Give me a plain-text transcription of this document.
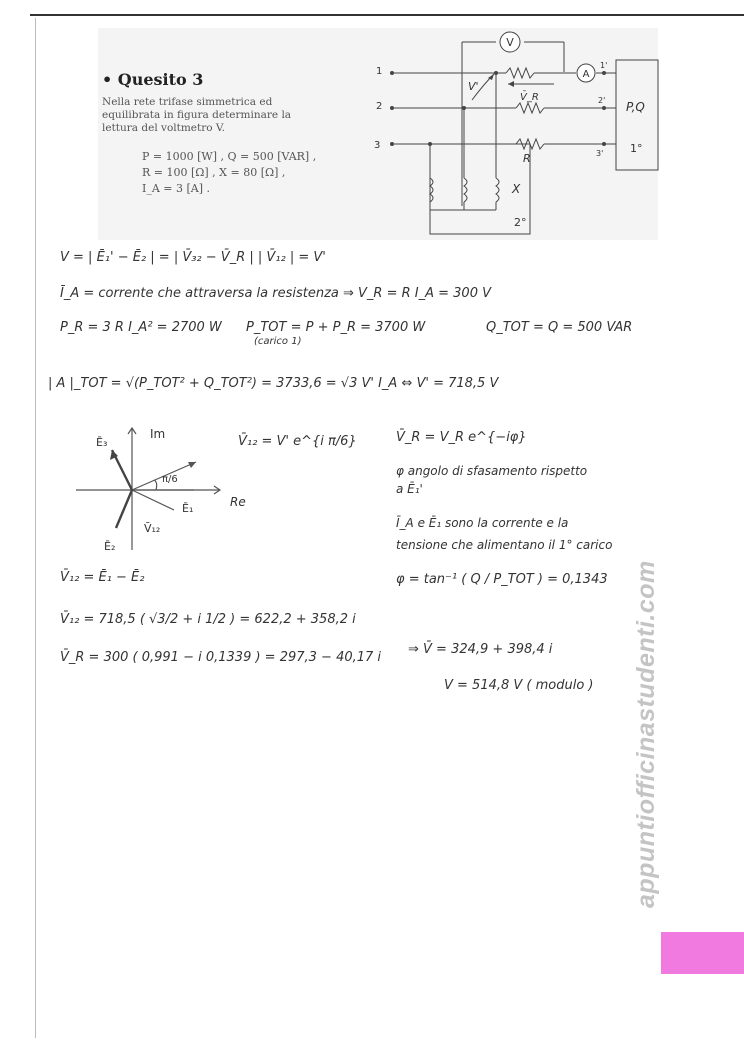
• Quesito 3
Nella rete trifase simmetrica ed equilibrata in figura determinare la lettura del voltmetro V.
P = 1000 [W] , Q = 500 [VAR] ,
R = 100 [Ω] , X = 80 [Ω] ,
I_A = 3 [A] .
V
A
1
2
3
1'
2'
3'
P,Q
1°
V'
V̄_R
R
X
2°
V = | Ē₁' − Ē₂ | = | V̄₃₂ − V̄_R | | V̄₁₂ | = V'
Ī_A = corrente che attraversa la resistenza ⇒ V_R = R I_A = 300 V
P_R = 3 R I_A² = 2700 W P_TOT = P + P_R = 3700 W
(carico 1)
Q_TOT = Q = 500 VAR
| A |_TOT = √(P_TOT² + Q_TOT²) = 3733,6 = √3 V' I_A ⇔ V' = 718,5 V
V̄₁₂ = V' e^{i π/6}	V̄_R = V_R e^{−iφ}
φ angolo di sfasamento rispetto
a Ē₁'
Ī_A e Ē₁ sono la corrente e la
tensione che alimentano il 1° carico
φ = tan⁻¹ ( Q / P_TOT ) = 0,1343
V̄₁₂ = Ē₁ − Ē₂
V̄₁₂ = 718,5 ( √3/2 + i 1/2 ) = 622,2 + 358,2 i
V̄_R = 300 ( 0,991 − i 0,1339 ) = 297,3 − 40,17 i
⇒ V̄ = 324,9 + 398,4 i
V = 514,8 V ( modulo )
Im
Re
π/6
Ē₁
Ē₂
Ē₃
V̄₁₂
appuntiofficinastudenti.com
